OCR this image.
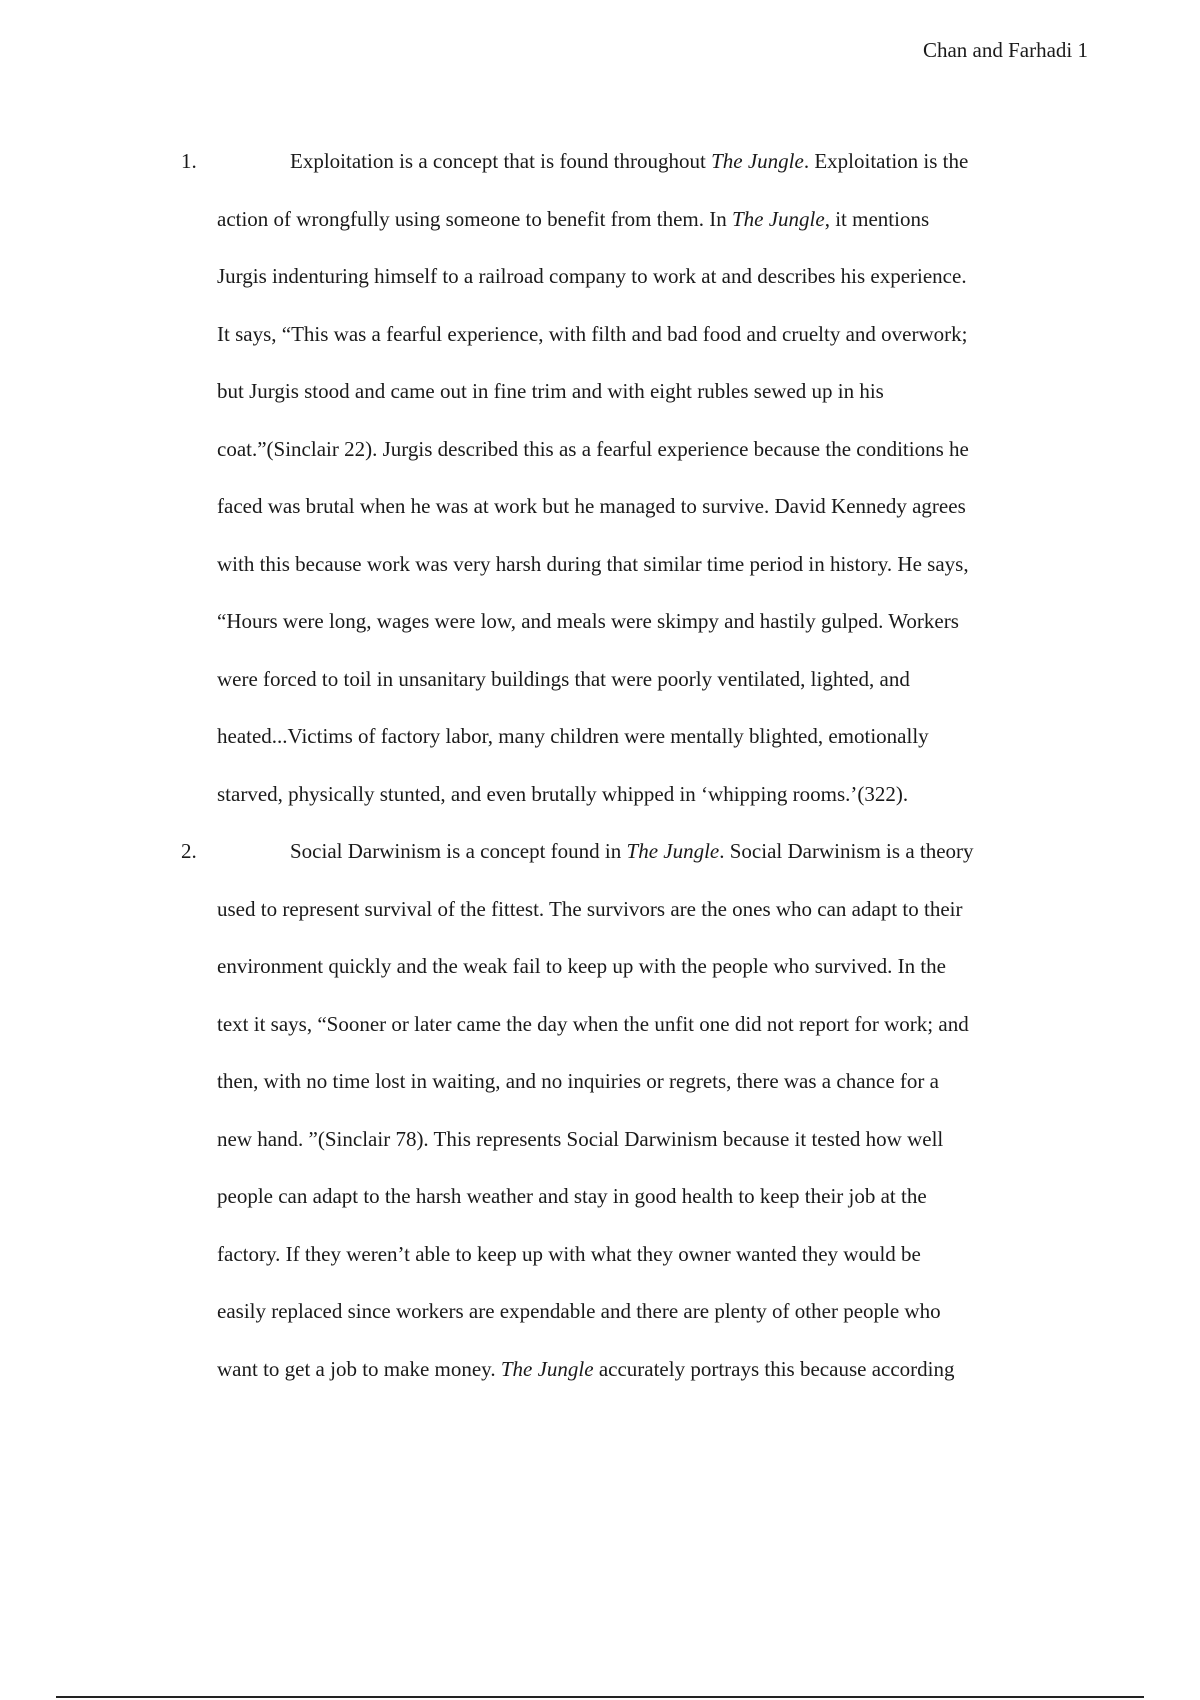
Chan and Farhadi 1
1.	Exploitation is a concept that is found throughout The Jungle. Exploitation is the
action of wrongfully using someone to benefit from them. In The Jungle, it mentions
Jurgis indenturing himself to a railroad company to work at and describes his experience.
It says, “This was a fearful experience, with filth and bad food and cruelty and overwork;
but Jurgis stood and came out in fine trim and with eight rubles sewed up in his
coat.”(Sinclair 22). Jurgis described this as a fearful experience because the conditions he
faced was brutal when he was at work but he managed to survive. David Kennedy agrees
with this because work was very harsh during that similar time period in history. He says,
“Hours were long, wages were low, and meals were skimpy and hastily gulped. Workers
were forced to toil in unsanitary buildings that were poorly ventilated, lighted, and
heated...Victims of factory labor, many children were mentally blighted, emotionally
starved, physically stunted, and even brutally whipped in ‘whipping rooms.’(322).
2.	Social Darwinism is a concept found in The Jungle. Social Darwinism is a theory
used to represent survival of the fittest. The survivors are the ones who can adapt to their
environment quickly and the weak fail to keep up with the people who survived. In the
text it says, “Sooner or later came the day when the unfit one did not report for work; and
then, with no time lost in waiting, and no inquiries or regrets, there was a chance for a
new hand. ”(Sinclair 78). This represents Social Darwinism because it tested how well
people can adapt to the harsh weather and stay in good health to keep their job at the
factory. If they weren’t able to keep up with what they owner wanted they would be
easily replaced since workers are expendable and there are plenty of other people who
want to get a job to make money. The Jungle accurately portrays this because according
